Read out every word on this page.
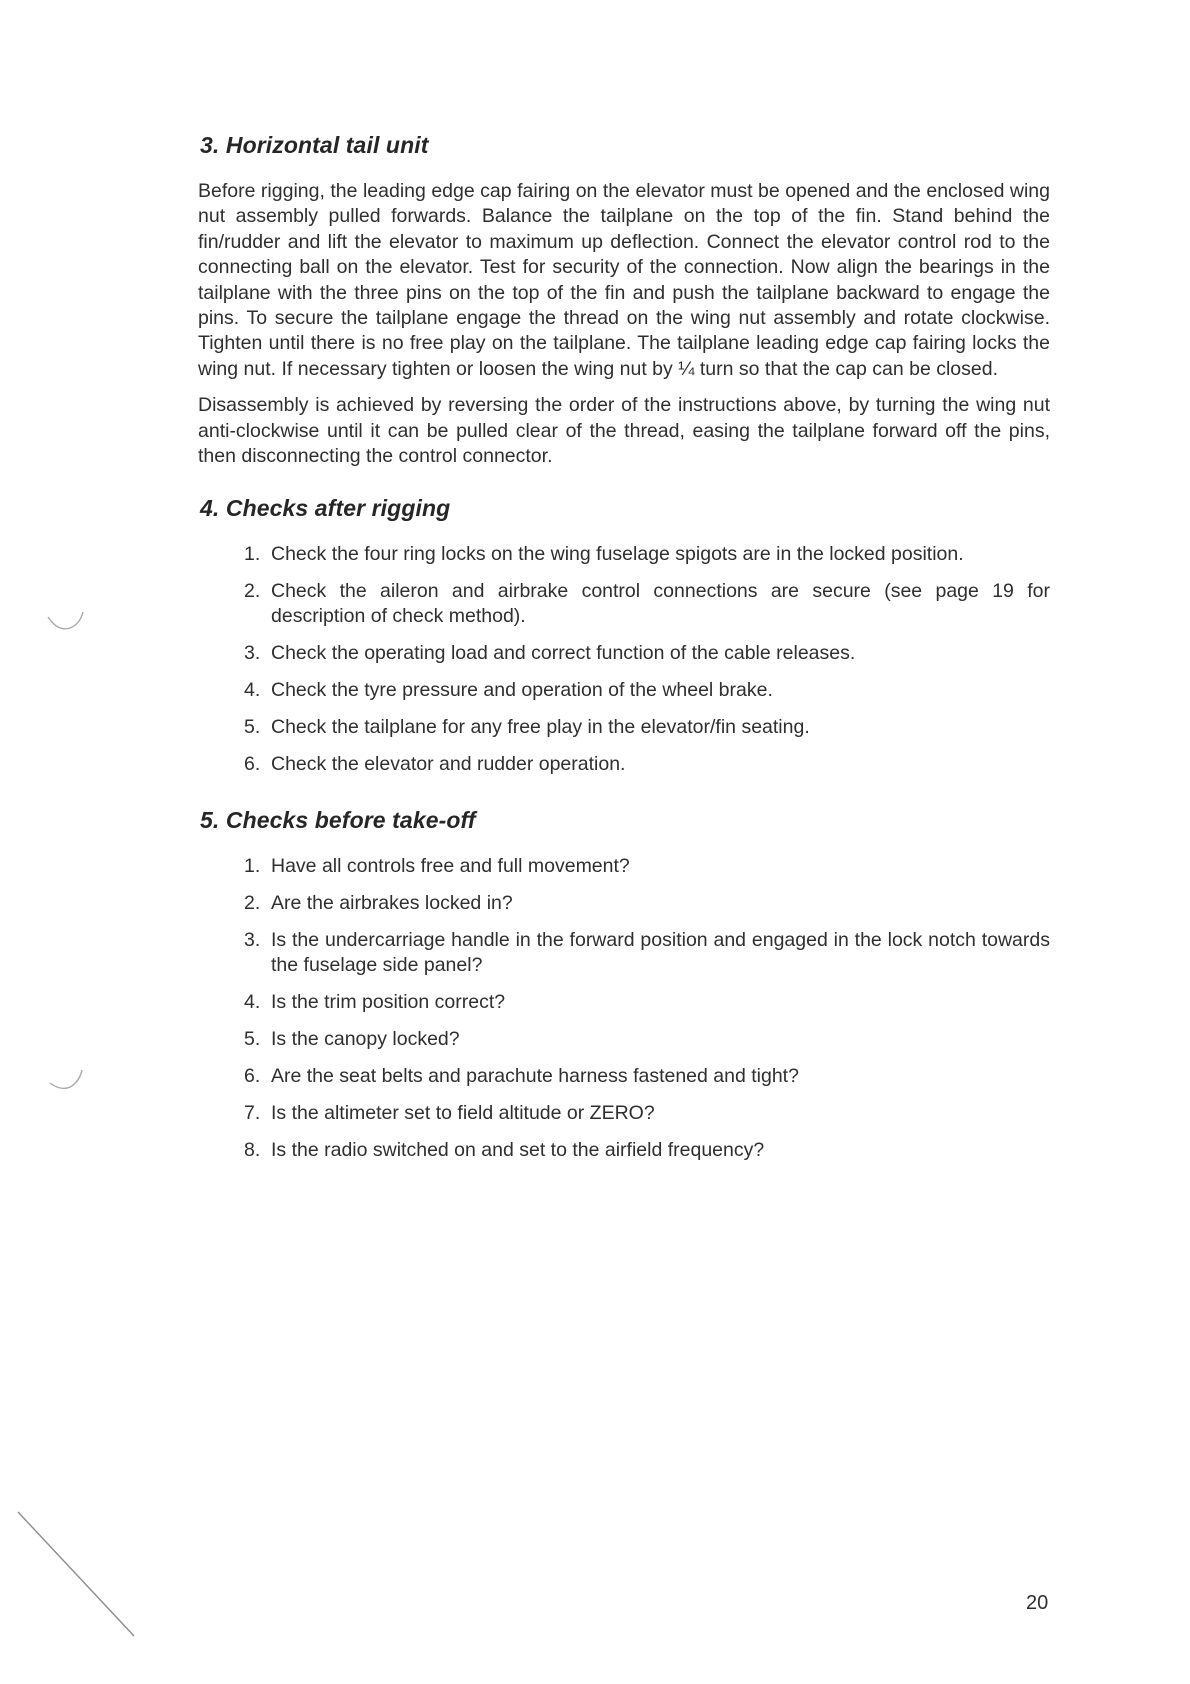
3. Horizontal tail unit

Before rigging, the leading edge cap fairing on the elevator must be opened and the enclosed wing nut assembly pulled forwards. Balance the tailplane on the top of the fin. Stand behind the fin/rudder and lift the elevator to maximum up deflection. Connect the elevator control rod to the connecting ball on the elevator. Test for security of the connection. Now align the bearings in the tailplane with the three pins on the top of the fin and push the tailplane backward to engage the pins. To secure the tailplane engage the thread on the wing nut assembly and rotate clockwise. Tighten until there is no free play on the tailplane. The tailplane leading edge cap fairing locks the wing nut. If necessary tighten or loosen the wing nut by ¼ turn so that the cap can be closed.

Disassembly is achieved by reversing the order of the instructions above, by turning the wing nut anti-clockwise until it can be pulled clear of the thread, easing the tailplane forward off the pins, then disconnecting the control connector.

4. Checks after rigging
1. Check the four ring locks on the wing fuselage spigots are in the locked position.
2. Check the aileron and airbrake control connections are secure (see page 19 for description of check method).
3. Check the operating load and correct function of the cable releases.
4. Check the tyre pressure and operation of the wheel brake.
5. Check the tailplane for any free play in the elevator/fin seating.
6. Check the elevator and rudder operation.
5. Checks before take-off
1. Have all controls free and full movement?
2. Are the airbrakes locked in?
3. Is the undercarriage handle in the forward position and engaged in the lock notch towards the fuselage side panel?
4. Is the trim position correct?
5. Is the canopy locked?
6. Are the seat belts and parachute harness fastened and tight?
7. Is the altimeter set to field altitude or ZERO?
8. Is the radio switched on and set to the airfield frequency?
20
